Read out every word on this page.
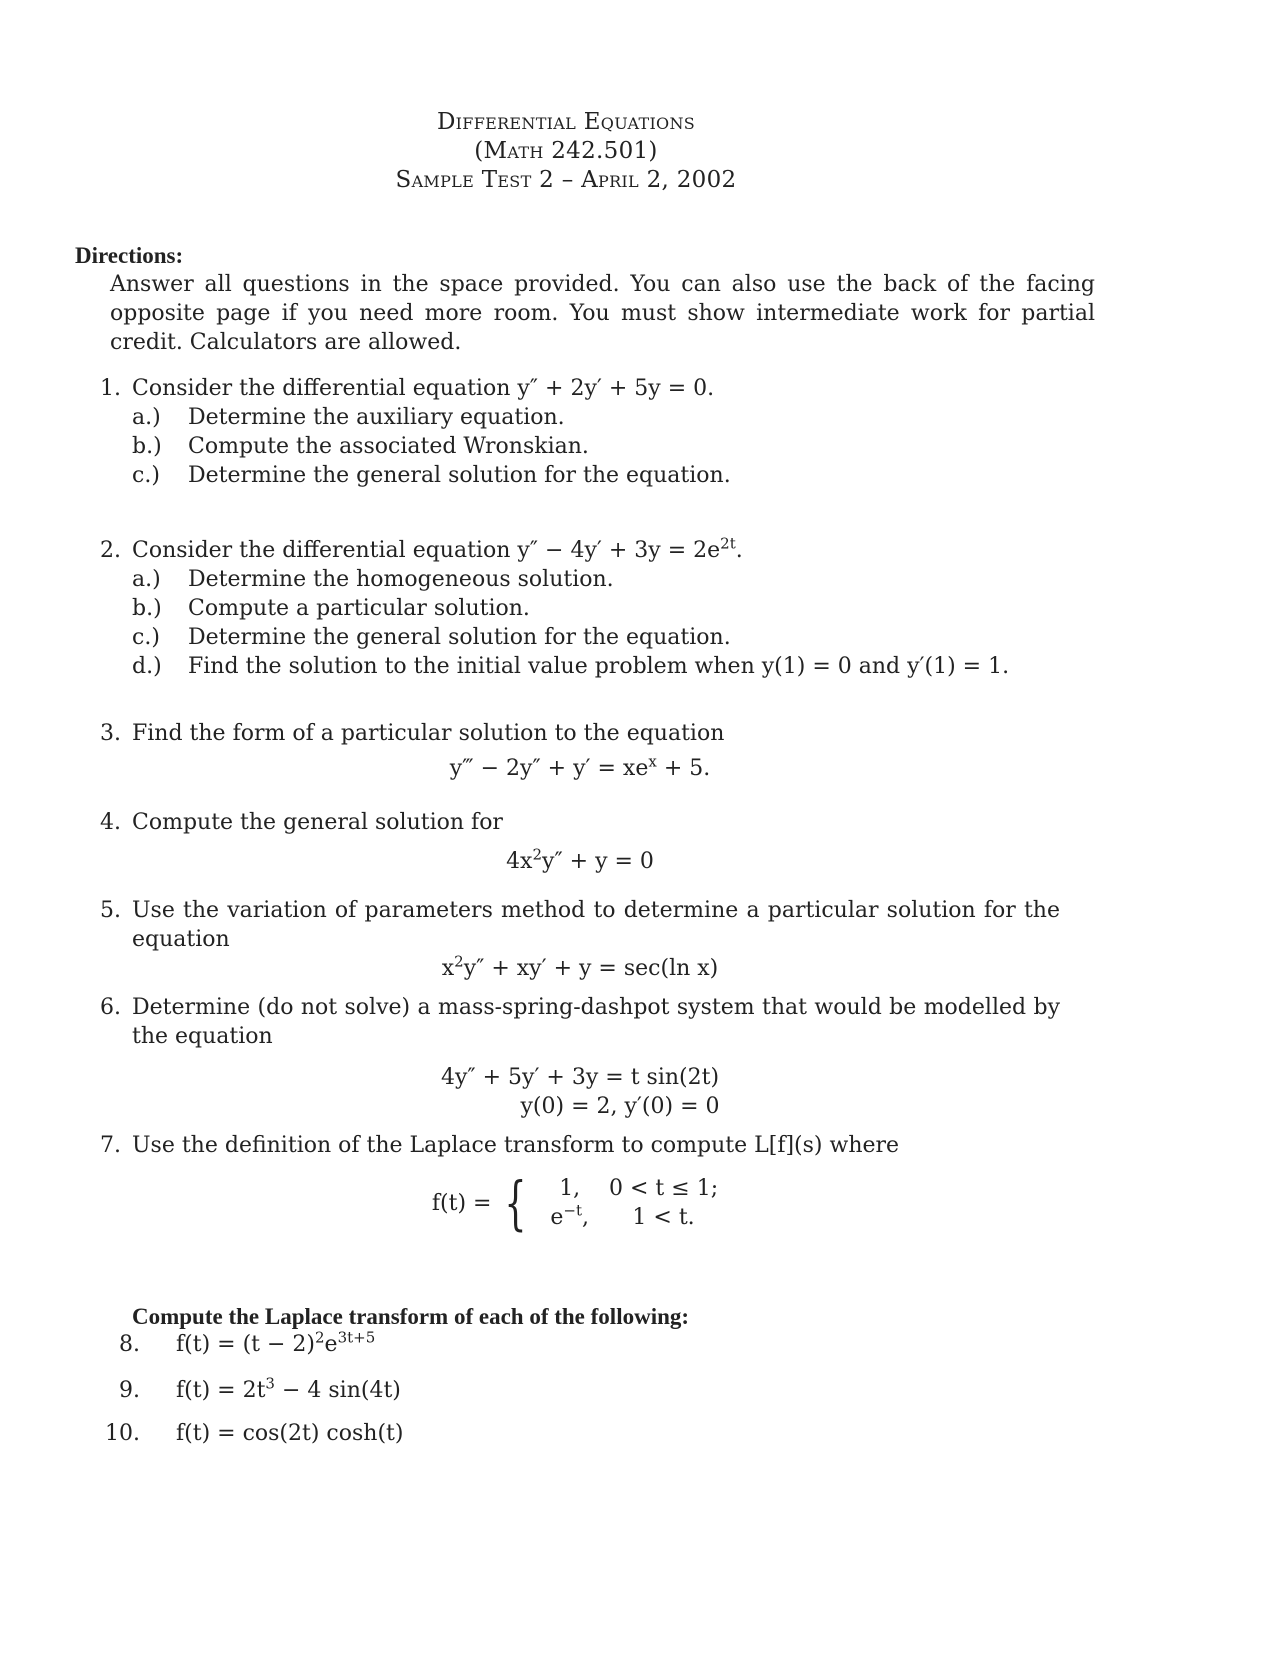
Differential Equations
(Math 242.501)
Sample Test 2 – April 2, 2002
Directions:
Answer all questions in the space provided. You can also use the back of the facing opposite page if you need more room. You must show intermediate work for partial credit. Calculators are allowed.
1. Consider the differential equation y″ + 2y′ + 5y = 0.
a.) Determine the auxiliary equation.
b.) Compute the associated Wronskian.
c.) Determine the general solution for the equation.
2. Consider the differential equation $y'' - 4y' + 3y = 2e^{2t}$.
a.) Determine the homogeneous solution.
b.) Compute a particular solution.
c.) Determine the general solution for the equation.
d.) Find the solution to the initial value problem when y(1) = 0 and y′(1) = 1.
3. Find the form of a particular solution to the equation
y‴ − $2y'' + y' = xe^x + 5$.
4. Compute the general solution for
$4x^2y'' + y = 0$
5. Use the variation of parameters method to determine a particular solution for the equation
$x^2y'' + xy' + y = \sec(\ln$ x)
6. Determine (do not solve) a mass-spring-dashpot system that would be modelled by the equation
4y″ + 5y′ + 3y = t sin(2t)
y(0) = 2, y′(0) = 0
7. Use the definition of the Laplace transform to compute L[f](s) where
f(t) = { 1,	0 < t ≤ 1;
$e^{-t}$,	1 < t.
Compute the Laplace transform of each of the following:
8. $f(t) = (t - 2)^2e^{3t+5}$
9. $f(t) = 2t^3 - 4$ sin(4t)
10. f(t) = cos(2t) cosh(t)
